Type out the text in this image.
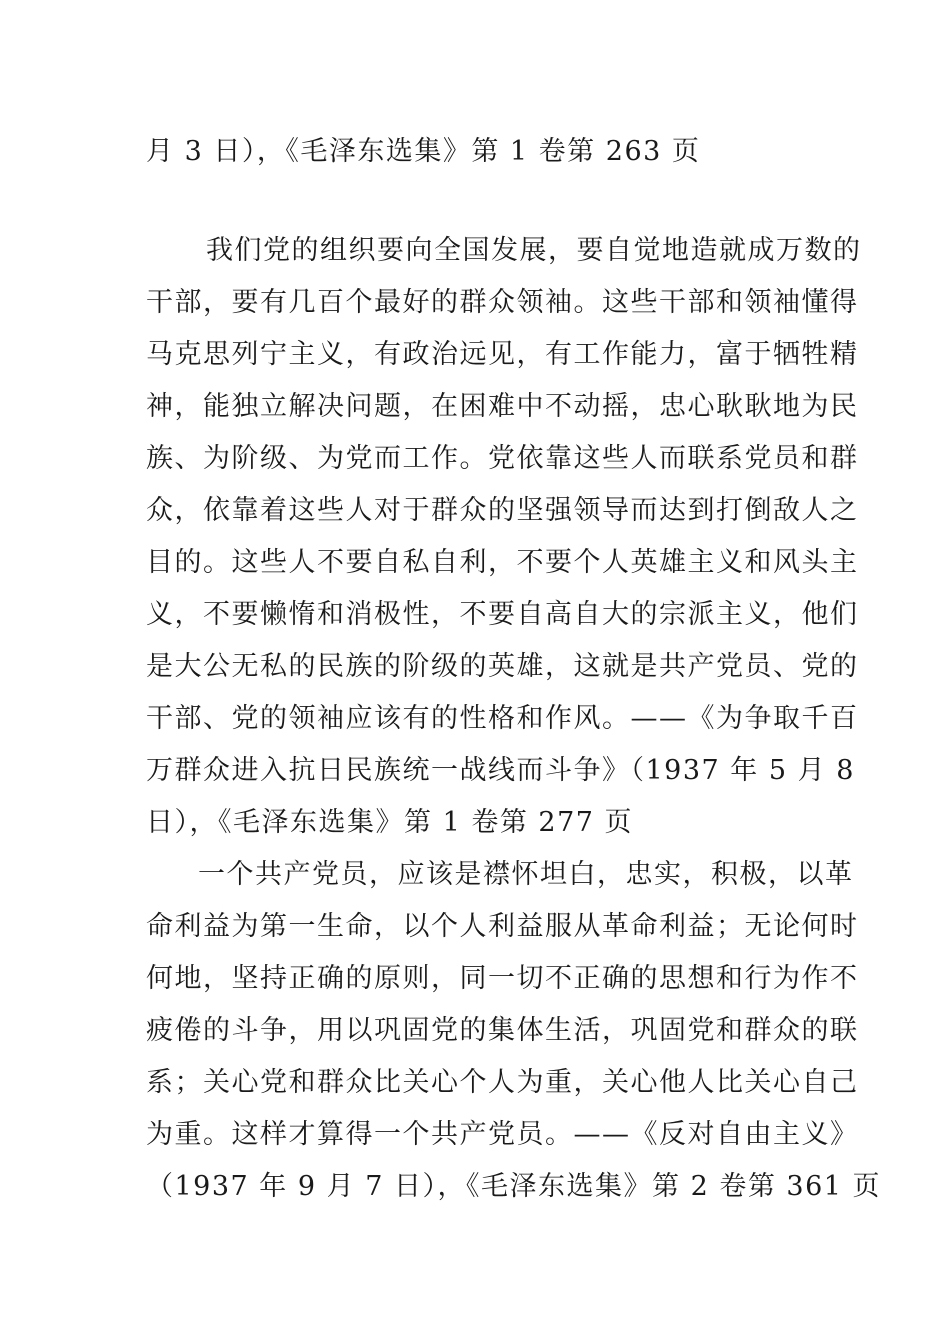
月 3 日），《毛泽东选集》第 1 卷第 263 页
我们党的组织要向全国发展，要自觉地造就成万数的
干部，要有几百个最好的群众领袖。这些干部和领袖懂得
马克思列宁主义，有政治远见，有工作能力，富于牺牲精
神，能独立解决问题，在困难中不动摇，忠心耿耿地为民
族、为阶级、为党而工作。党依靠这些人而联系党员和群
众，依靠着这些人对于群众的坚强领导而达到打倒敌人之
目的。这些人不要自私自利，不要个人英雄主义和风头主
义，不要懒惰和消极性，不要自高自大的宗派主义，他们
是大公无私的民族的阶级的英雄，这就是共产党员、党的
干部、党的领袖应该有的性格和作风。——《为争取千百
万群众进入抗日民族统一战线而斗争》（1937 年 5 月 8
日），《毛泽东选集》第 1 卷第 277 页
一个共产党员，应该是襟怀坦白，忠实，积极，以革
命利益为第一生命，以个人利益服从革命利益；无论何时
何地，坚持正确的原则，同一切不正确的思想和行为作不
疲倦的斗争，用以巩固党的集体生活，巩固党和群众的联
系；关心党和群众比关心个人为重，关心他人比关心自己
为重。这样才算得一个共产党员。——《反对自由主义》
（1937 年 9 月 7 日），《毛泽东选集》第 2 卷第 361 页
